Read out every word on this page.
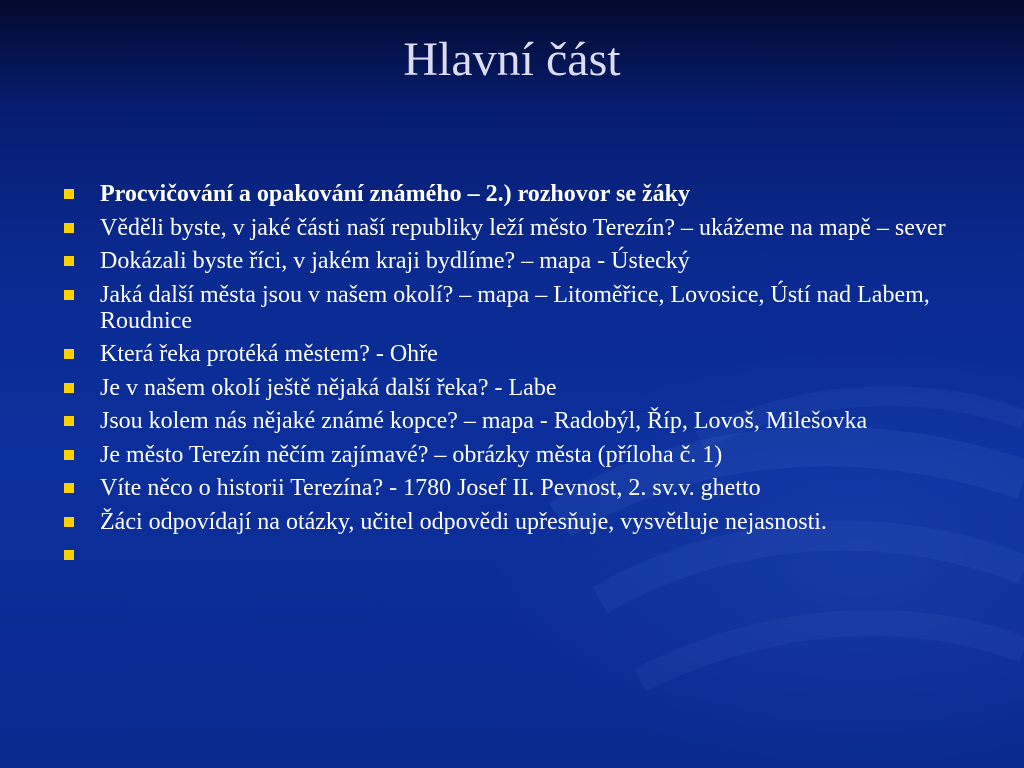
Hlavní část
Procvičování a opakování známého – 2.) rozhovor se žáky
Věděli byste, v jaké části naší republiky leží město Terezín? – ukážeme na mapě – sever
Dokázali byste říci, v jakém kraji bydlíme? – mapa - Ústecký
Jaká další města jsou v našem okolí? – mapa – Litoměřice, Lovosice, Ústí nad Labem, Roudnice
Která řeka protéká městem? - Ohře
Je v našem okolí ještě nějaká další řeka? - Labe
Jsou kolem nás nějaké známé kopce? – mapa - Radobýl, Říp, Lovoš, Milešovka
Je město Terezín něčím zajímavé? – obrázky města (příloha č. 1)
Víte něco o historii Terezína? - 1780 Josef II. Pevnost, 2. sv.v. ghetto
Žáci odpovídají na otázky, učitel odpovědi upřesňuje, vysvětluje nejasnosti.
